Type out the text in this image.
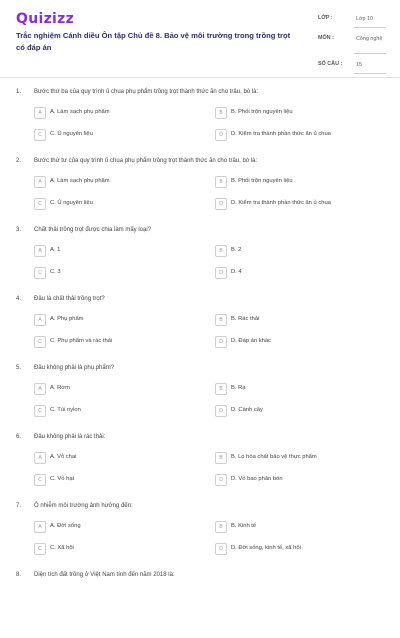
Quizizz
Trắc nghiệm Cánh diều Ôn tập Chủ đề 8. Bảo vệ môi trường trong trồng trọt có đáp án
LỚP :	Lớp 10
MÔN :	Công nghệ
SỐ CÂU :	15
1. Bước thứ ba của quy trình ủ chua phụ phẩm trồng trọt thành thức ăn cho trâu, bò là:
A	A. Làm sạch phụ phẩm	B	B. Phối trộn nguyên liệu
C	C. Ủ nguyên liệu	D	D. Kiểm tra thành phần thức ăn ủ chua
2. Bước thứ tư của quy trình ủ chua phụ phẩm trồng trọt thành thức ăn cho trâu, bò là:
A	A. Làm sạch phụ phẩm	B	B. Phối trộn nguyên liệu
C	C. Ủ nguyên liệu	D	D. Kiểm tra thành phần thức ăn ủ chua
3. Chất thải trồng trọt được chia làm mấy loại?
A	A. 1	B	B. 2
C	C. 3	D	D. 4
4. Đâu là chất thải trồng trọt?
A	A. Phụ phẩm	B	B. Rác thải
C	C. Phụ phẩm và rác thải	D	D. Đáp án khác
5. Đâu không phải là phụ phẩm?
A	A. Rơm	B	B. Rạ
C	C. Túi nylon	D	D. Cành cây
6. Đâu không phải là rác thải:
A	A. Vỏ chai	B	B. Lọ hóa chất bảo vệ thực phẩm
C	C. Vỏ hạt	D	D. Vỏ bao phân bón
7. Ô nhiễm môi trường ảnh hưởng đến:
A	A. Đời sống	B	B. Kinh tế
C	C. Xã hội	D	D. Đời sống, kinh tế, xã hội
8. Diện tích đất trồng ở Việt Nam tính đến năm 2018 là:
